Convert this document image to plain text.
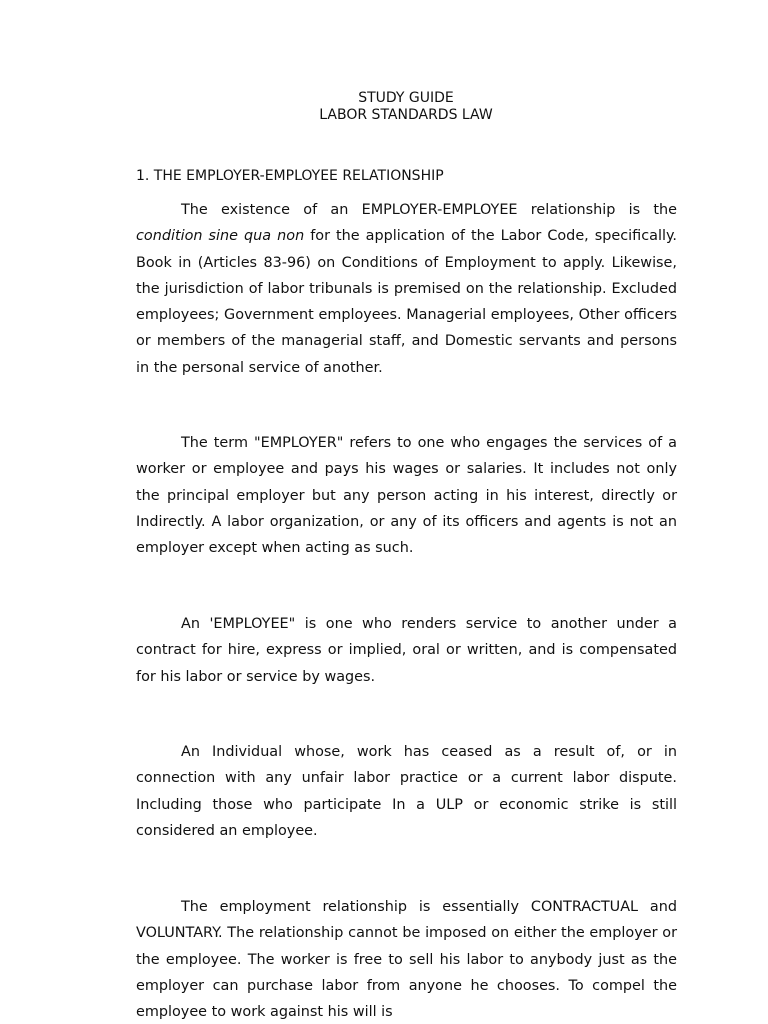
STUDY GUIDE
LABOR STANDARDS LAW
1. THE EMPLOYER-EMPLOYEE RELATIONSHIP

The existence of an EMPLOYER-EMPLOYEE relationship is the condition sine qua non for the application of the Labor Code, specifically. Book in (Articles 83-96) on Conditions of Employment to apply. Likewise, the jurisdiction of labor tribunals is premised on the relationship. Excluded employees; Government employees. Managerial employees, Other officers or members of the managerial staff, and Domestic servants and persons in the personal service of another.

The term "EMPLOYER" refers to one who engages the services of a worker or employee and pays his wages or salaries. It includes not only the principal employer but any person acting in his interest, directly or Indirectly. A labor organization, or any of its officers and agents is not an employer except when acting as such.

An 'EMPLOYEE" is one who renders service to another under a contract for hire, express or implied, oral or written, and is compensated for his labor or service by wages.

An Individual whose, work has ceased as a result of, or in connection with any unfair labor practice or a current labor dispute. Including those who participate In a ULP or economic strike is still considered an employee.

The employment relationship is essentially CONTRACTUAL and VOLUNTARY. The relationship cannot be imposed on either the employer or the employee. The worker is free to sell his labor to anybody just as the employer can purchase labor from anyone he chooses. To compel the employee to work against his will is
